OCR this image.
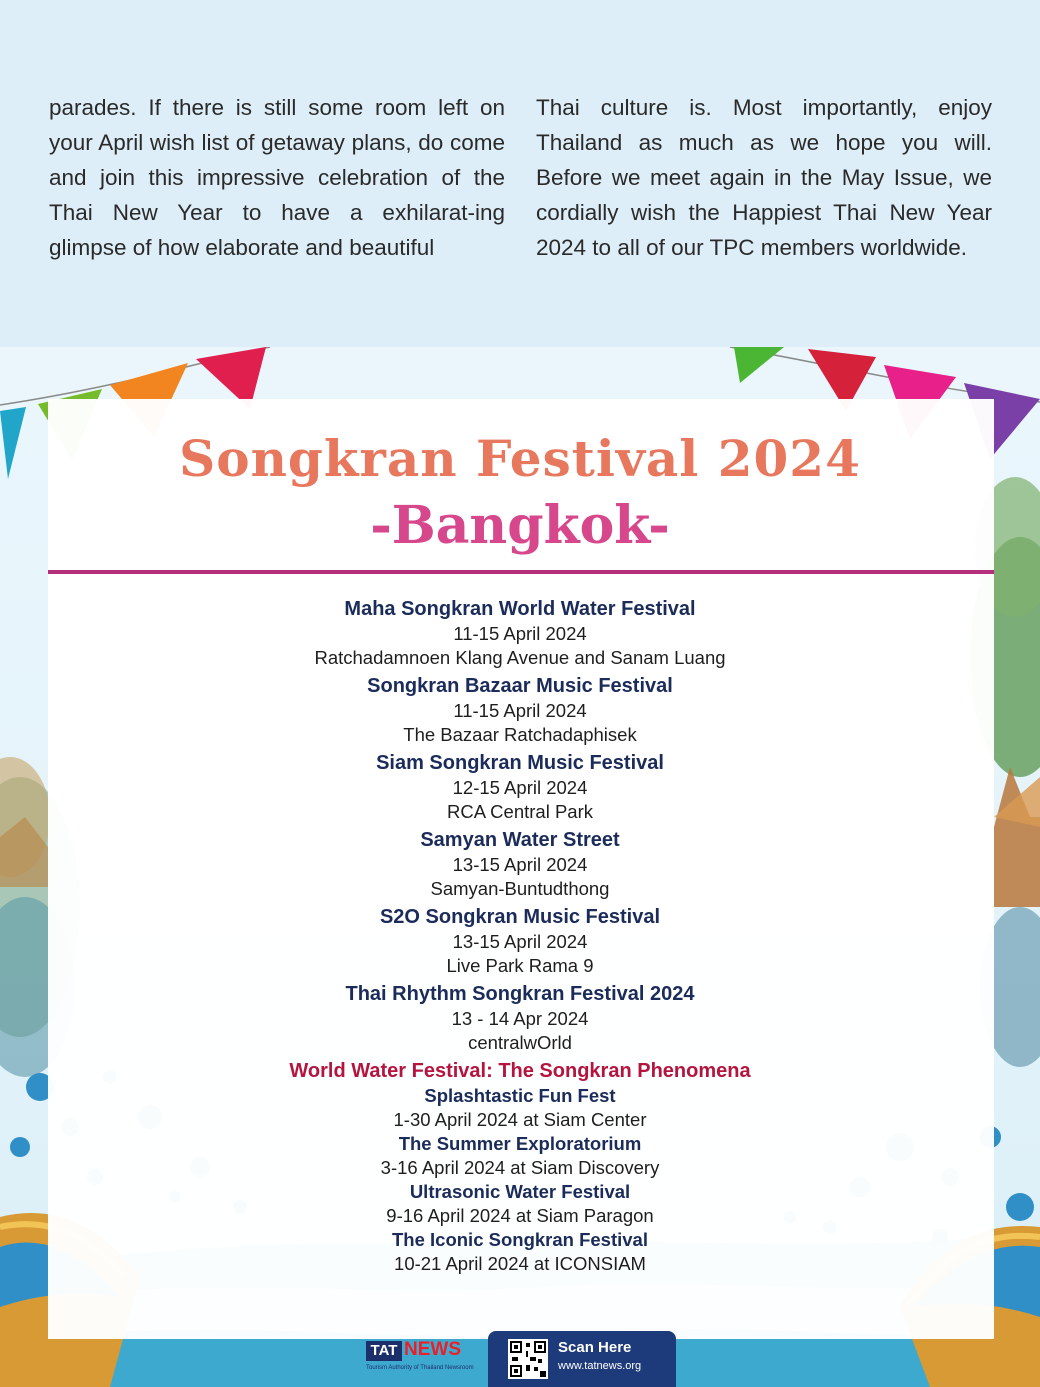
parades. If there is still some room left on your April wish list of getaway plans, do come and join this impressive celebration of the Thai New Year to have a exhilarat-ing glimpse of how elaborate and beautiful
Thai culture is. Most importantly, enjoy Thailand as much as we hope you will. Before we meet again in the May Issue, we cordially wish the Happiest Thai New Year 2024 to all of our TPC members worldwide.
Songkran Festival 2024
-Bangkok-
Maha Songkran World Water Festival
11-15 April 2024
Ratchadamnoen Klang Avenue and Sanam Luang
Songkran Bazaar Music Festival
11-15 April 2024
The Bazaar Ratchadaphisek
Siam Songkran Music Festival
12-15 April 2024
RCA Central Park
Samyan Water Street
13-15 April 2024
Samyan-Buntudthong
S2O Songkran Music Festival
13-15 April 2024
Live Park Rama 9
Thai Rhythm Songkran Festival 2024
13 - 14 Apr 2024
centralwOrld
World Water Festival: The Songkran Phenomena
Splashtastic Fun Fest
1-30 April 2024 at Siam Center
The Summer Exploratorium
3-16 April 2024 at Siam Discovery
Ultrasonic Water Festival
9-16 April 2024 at Siam Paragon
The Iconic Songkran Festival
10-21 April 2024 at ICONSIAM
TAT NEWS
Tourism Authority of Thailand Newsroom
Scan Here
www.tatnews.org
